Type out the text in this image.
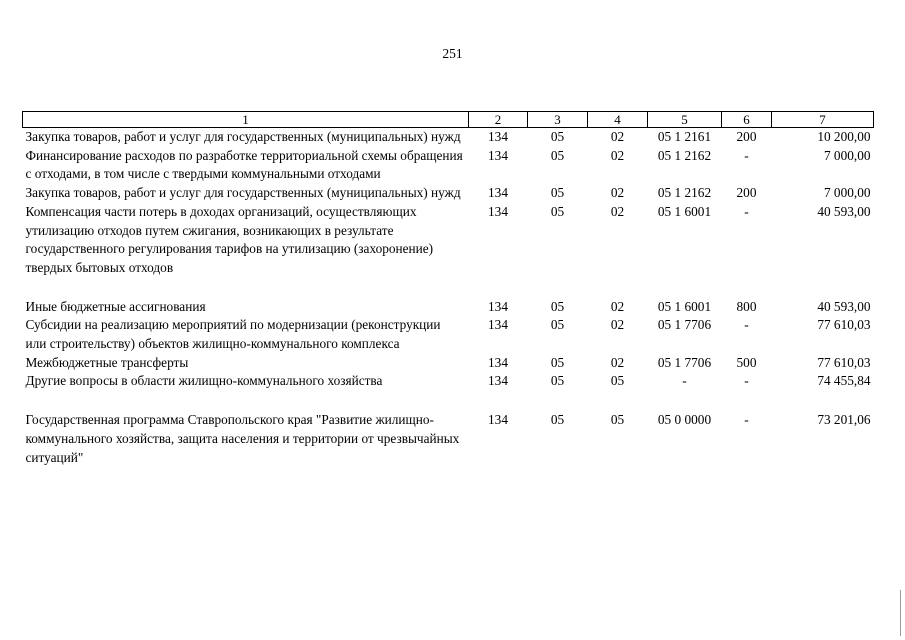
251
1	2	3	4	5	6	7
Закупка товаров, работ и услуг для государственных (муниципальных) нужд	134	05	02	05 1 2161	200	10 200,00
Финансирование расходов по разработке территориальной схемы обращения с отходами, в том числе с твердыми коммунальными отходами	134	05	02	05 1 2162	-	7 000,00
Закупка товаров, работ и услуг для государственных (муниципальных) нужд	134	05	02	05 1 2162	200	7 000,00
Компенсация части потерь в доходах организаций, осуществляющих утилизацию отходов путем сжигания, возникающих в результате государственного регулирования тарифов на утилизацию (захоронение) твердых бытовых отходов	134	05	02	05 1 6001	-	40 593,00
Иные бюджетные ассигнования	134	05	02	05 1 6001	800	40 593,00
Субсидии на реализацию мероприятий по модернизации (реконструкции или строительству) объектов жилищно-коммунального комплекса	134	05	02	05 1 7706	-	77 610,03
Межбюджетные трансферты	134	05	02	05 1 7706	500	77 610,03
Другие вопросы в области жилищно-коммунального хозяйства	134	05	05	-	-	74 455,84
Государственная программа Ставропольского края "Развитие жилищно-коммунального хозяйства, защита населения и территории от чрезвычайных ситуаций"	134	05	05	05 0 0000	-	73 201,06
